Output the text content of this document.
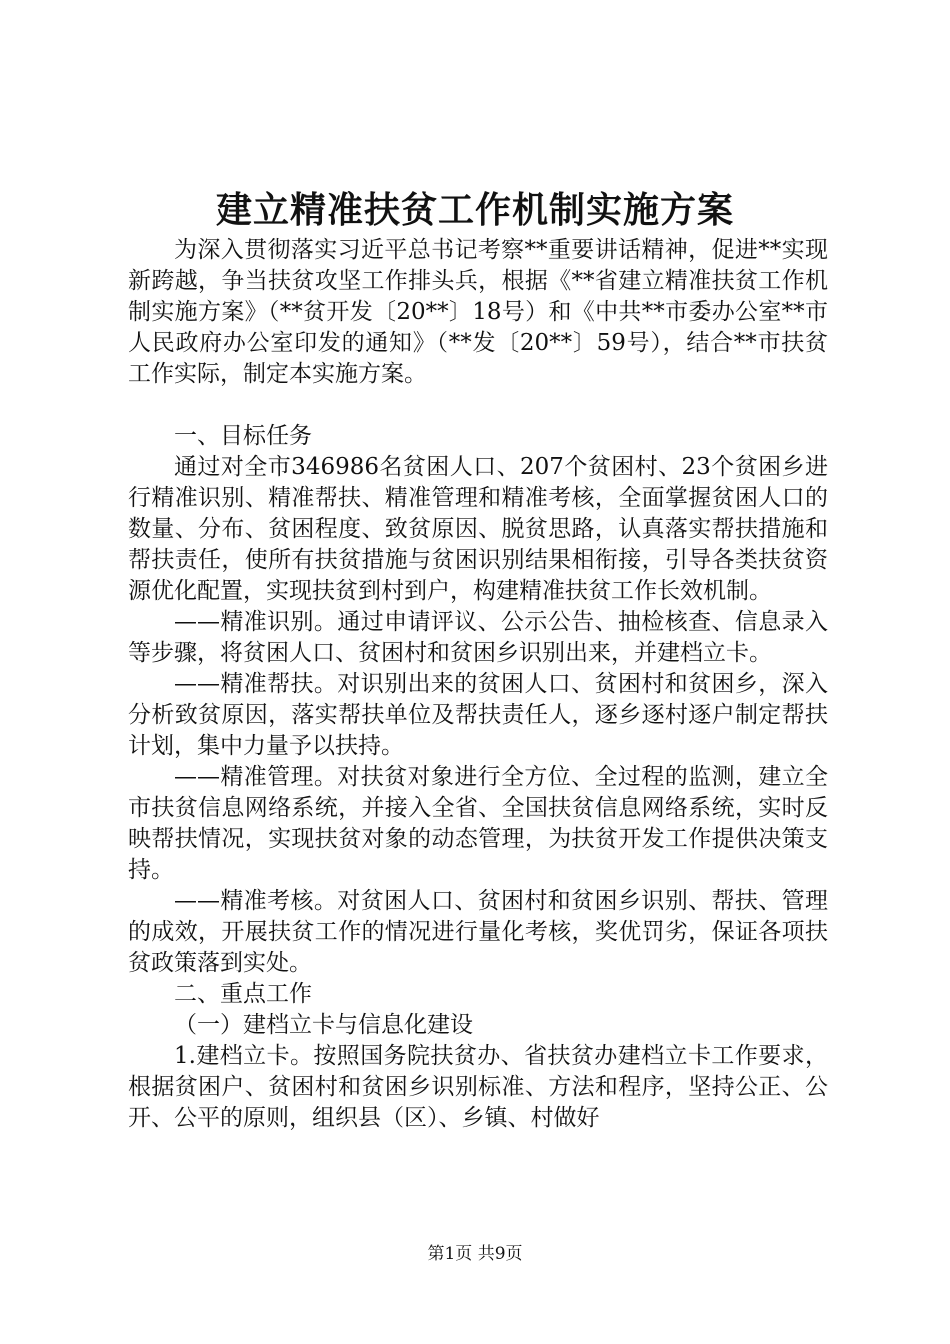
建立精准扶贫工作机制实施方案

为深入贯彻落实习近平总书记考察**重要讲话精神，促进**实现新跨越，争当扶贫攻坚工作排头兵，根据《**省建立精准扶贫工作机制实施方案》（**贫开发〔20**〕18号）和《中共**市委办公室**市人民政府办公室印发的通知》（**发〔20**〕59号），结合**市扶贫工作实际，制定本实施方案。

一、目标任务

通过对全市346986名贫困人口、207个贫困村、23个贫困乡进行精准识别、精准帮扶、精准管理和精准考核，全面掌握贫困人口的数量、分布、贫困程度、致贫原因、脱贫思路，认真落实帮扶措施和帮扶责任，使所有扶贫措施与贫困识别结果相衔接，引导各类扶贫资源优化配置，实现扶贫到村到户，构建精准扶贫工作长效机制。

——精准识别。通过申请评议、公示公告、抽检核查、信息录入等步骤，将贫困人口、贫困村和贫困乡识别出来，并建档立卡。

——精准帮扶。对识别出来的贫困人口、贫困村和贫困乡，深入分析致贫原因，落实帮扶单位及帮扶责任人，逐乡逐村逐户制定帮扶计划，集中力量予以扶持。

——精准管理。对扶贫对象进行全方位、全过程的监测，建立全市扶贫信息网络系统，并接入全省、全国扶贫信息网络系统，实时反映帮扶情况，实现扶贫对象的动态管理，为扶贫开发工作提供决策支持。

——精准考核。对贫困人口、贫困村和贫困乡识别、帮扶、管理的成效，开展扶贫工作的情况进行量化考核，奖优罚劣，保证各项扶贫政策落到实处。

二、重点工作

（一）建档立卡与信息化建设

1.建档立卡。按照国务院扶贫办、省扶贫办建档立卡工作要求，根据贫困户、贫困村和贫困乡识别标准、方法和程序，坚持公正、公开、公平的原则，组织县（区）、乡镇、村做好

第1页 共9页
